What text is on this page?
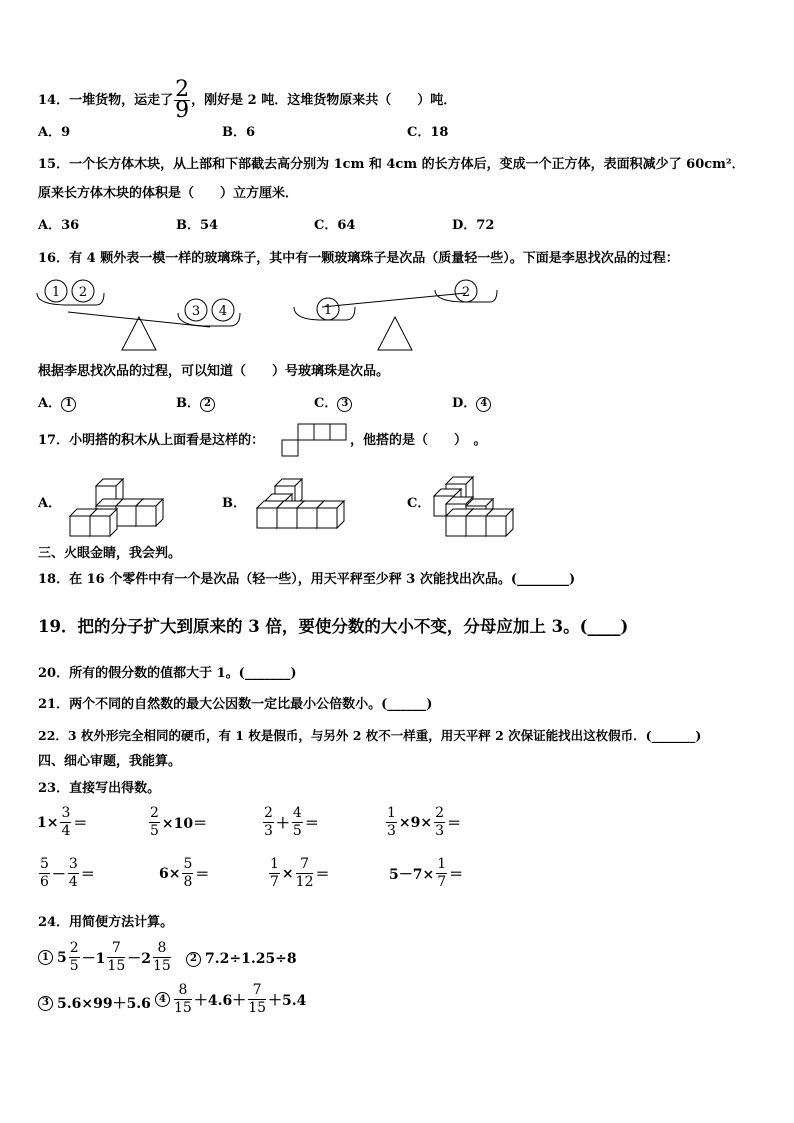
14． 一堆货物，运走了 $\frac{2}{9}$ ，刚好是 2 吨．这堆货物原来共（　　）吨．
A．9	B．6	C．18
15．一个长方体木块，从上部和下部截去高分别为 1cm 和 4cm 的长方体后，变成一个正方体，表面积减少了 60cm²．
原来长方体木块的体积是（　　）立方厘米．
A．36	B．54	C．64	D．72
16．有 4 颗外表一模一样的玻璃珠子，其中有一颗玻璃珠子是次品（质量轻一些）。下面是李思找次品的过程：
1 2
3 4	1
2
根据李思找次品的过程，可以知道（　　）号玻璃珠是次品。
A． 1	B． 2	C． 3	D． 4
17．小明搭的积木从上面看是这样的：	，他搭的是（　　）　。
A．	B．	C．
三、火眼金睛，我会判。
18．在 16 个零件中有一个是次品（轻一些），用天平秤至少秤 3 次能找出次品。(________)
19．把的分子扩大到原来的 3 倍，要使分数的大小不变，分母应加上 3。(____)
20．所有的假分数的值都大于 1。(_______)
21．两个不同的自然数的最大公因数一定比最小公倍数小。(______)
22．3 枚外形完全相同的硬币，有 1 枚是假币，与另外 2 枚不一样重，用天平秤 2 次保证能找出这枚假币．(_______)
四、细心审题，我能算。
23．直接写出得数。
$1\times \frac{3}{4}$ ＝	$\frac{2}{5} \times 10=$	$\frac{2}{3} + \frac{4}{5}$ ＝	$\frac{1}{3} \times 9\times \frac{2}{3}$ ＝
$\frac{5}{6} - \frac{3}{4}$ ＝	$6\times \frac{5}{8}$ ＝	$\frac{1}{7} \times \frac{7}{12}$ ＝	$5-7\times \frac{1}{7}$ ＝
24．用简便方法计算。
1 $5 \frac{2}{5} -1 \frac{7}{15} -2 \frac{8}{15}$	2 7.2÷1.25÷8
3 5.6×99＋5.6 $4 \frac{8}{15} +4.6+ \frac{7}{15} +5.4$
